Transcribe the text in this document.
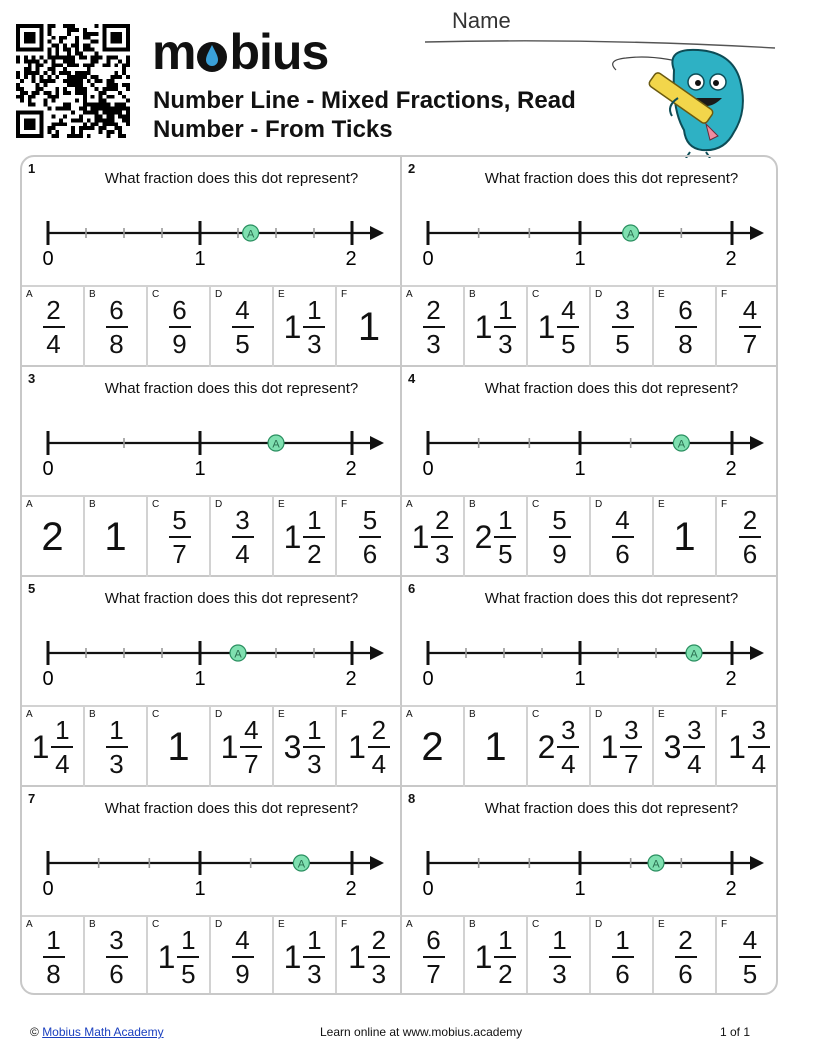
m bius
Number Line - Mixed Fractions, Read Number - From Ticks
Name
1
What fraction does this dot represent?
0	1	2
A
A
$\frac{2}{4}$
B
$\frac{6}{8}$
C
$\frac{6}{9}$
D
$\frac{4}{5}$
E
$1 \frac{1}{3}$
F
1
2
What fraction does this dot represent?
0	1	2
A
A
$\frac{2}{3}$
B
$1 \frac{1}{3}$
C
$1 \frac{4}{5}$
D
$\frac{3}{5}$
E
$\frac{6}{8}$
F
$\frac{4}{7}$
3
What fraction does this dot represent?
0	1	2
A
A
2
B
1
C
$\frac{5}{7}$
D
$\frac{3}{4}$
E
$1 \frac{1}{2}$
F
$\frac{5}{6}$
4
What fraction does this dot represent?
0	1	2
A
A
$1 \frac{2}{3}$
B
$2 \frac{1}{5}$
C
$\frac{5}{9}$
D
$\frac{4}{6}$
E
1
F
$\frac{2}{6}$
5
What fraction does this dot represent?
0	1	2
A
A
$1 \frac{1}{4}$
B
$\frac{1}{3}$
C
1
D
$1 \frac{4}{7}$
E
$3 \frac{1}{3}$
F
$1 \frac{2}{4}$
6
What fraction does this dot represent?
0	1	2
A
A
2
B
1
C
$2 \frac{3}{4}$
D
$1 \frac{3}{7}$
E
$3 \frac{3}{4}$
F
$1 \frac{3}{4}$
7
What fraction does this dot represent?
0	1	2
A
A
$\frac{1}{8}$
B
$\frac{3}{6}$
C
$1 \frac{1}{5}$
D
$\frac{4}{9}$
E
$1 \frac{1}{3}$
F
$1 \frac{2}{3}$
8
What fraction does this dot represent?
0	1	2
A
A
$\frac{6}{7}$
B
$1 \frac{1}{2}$
C
$\frac{1}{3}$
D
$\frac{1}{6}$
E
$\frac{2}{6}$
F
$\frac{4}{5}$
© Mobius Math Academy	Learn online at www.mobius.academy	1 of 1
